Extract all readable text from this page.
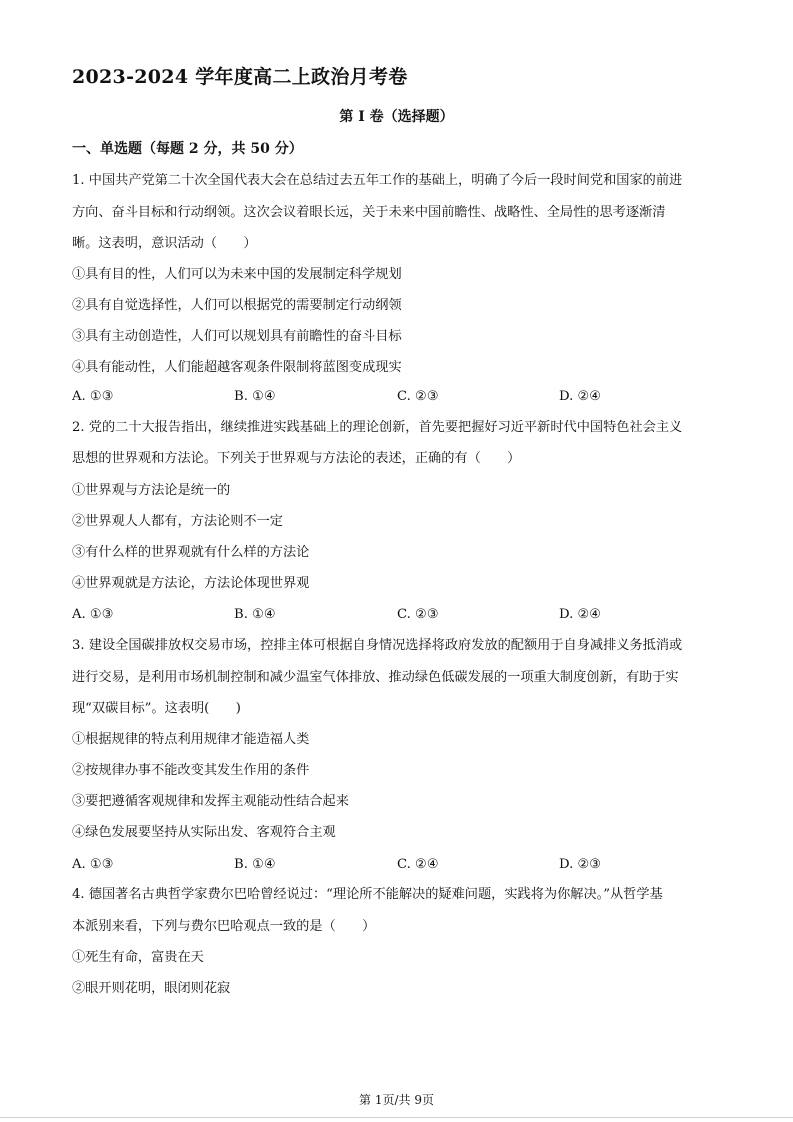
2023-2024 学年度高二上政治月考卷
第 I 卷（选择题）
一、单选题（每题 2 分，共 50 分）
1. 中国共产党第二十次全国代表大会在总结过去五年工作的基础上，明确了今后一段时间党和国家的前进
方向、奋斗目标和行动纲领。这次会议着眼长远，关于未来中国前瞻性、战略性、全局性的思考逐渐清
晰。这表明，意识活动（　　）
①具有目的性，人们可以为未来中国的发展制定科学规划
②具有自觉选择性，人们可以根据党的需要制定行动纲领
③具有主动创造性，人们可以规划具有前瞻性的奋斗目标
④具有能动性，人们能超越客观条件限制将蓝图变成现实
A. ①③	B. ①④	C. ②③	D. ②④
2. 党的二十大报告指出，继续推进实践基础上的理论创新，首先要把握好习近平新时代中国特色社会主义
思想的世界观和方法论。下列关于世界观与方法论的表述，正确的有（　　）
①世界观与方法论是统一的
②世界观人人都有，方法论则不一定
③有什么样的世界观就有什么样的方法论
④世界观就是方法论，方法论体现世界观
A. ①③	B. ①④	C. ②③	D. ②④
3. 建设全国碳排放权交易市场，控排主体可根据自身情况选择将政府发放的配额用于自身减排义务抵消或
进行交易，是利用市场机制控制和减少温室气体排放、推动绿色低碳发展的一项重大制度创新，有助于实
现“双碳目标”。这表明(　　)
①根据规律的特点利用规律才能造福人类
②按规律办事不能改变其发生作用的条件
③要把遵循客观规律和发挥主观能动性结合起来
④绿色发展要坚持从实际出发、客观符合主观
A. ①③	B. ①④	C. ②④	D. ②③
4. 德国著名古典哲学家费尔巴哈曾经说过：“理论所不能解决的疑难问题，实践将为你解决。”从哲学基
本派别来看，下列与费尔巴哈观点一致的是（　　）
①死生有命，富贵在天
②眼开则花明，眼闭则花寂
第 1页/共 9页
